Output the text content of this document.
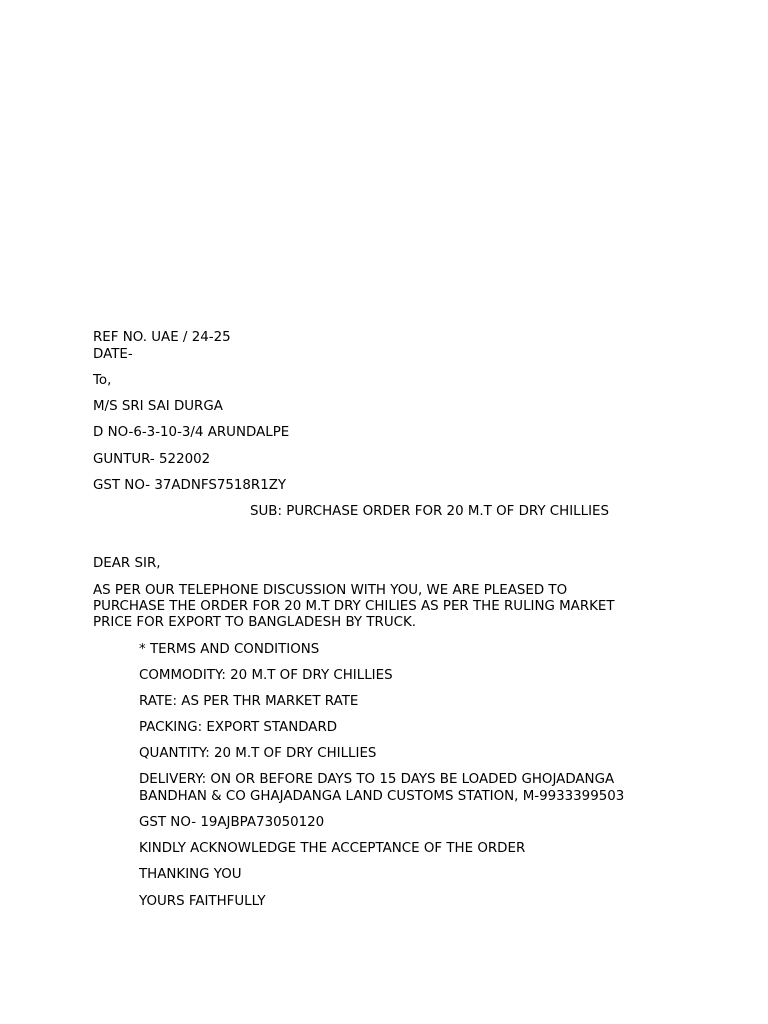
REF NO. UAE / 24-25
DATE-
To,
M/S SRI SAI DURGA
D NO-6-3-10-3/4 ARUNDALPE
GUNTUR- 522002
GST NO- 37ADNFS7518R1ZY
SUB: PURCHASE ORDER FOR 20 M.T OF DRY CHILLIES
DEAR SIR,
AS PER OUR TELEPHONE DISCUSSION WITH YOU, WE ARE PLEASED TO
PURCHASE THE ORDER FOR 20 M.T DRY CHILIES AS PER THE RULING MARKET
PRICE FOR EXPORT TO BANGLADESH BY TRUCK.
* TERMS AND CONDITIONS
COMMODITY: 20 M.T OF DRY CHILLIES
RATE: AS PER THR MARKET RATE
PACKING: EXPORT STANDARD
QUANTITY: 20 M.T OF DRY CHILLIES
DELIVERY: ON OR BEFORE DAYS TO 15 DAYS BE LOADED GHOJADANGA
BANDHAN & CO GHAJADANGA LAND CUSTOMS STATION, M-9933399503
GST NO- 19AJBPA73050120
KINDLY ACKNOWLEDGE THE ACCEPTANCE OF THE ORDER
THANKING YOU
YOURS FAITHFULLY
